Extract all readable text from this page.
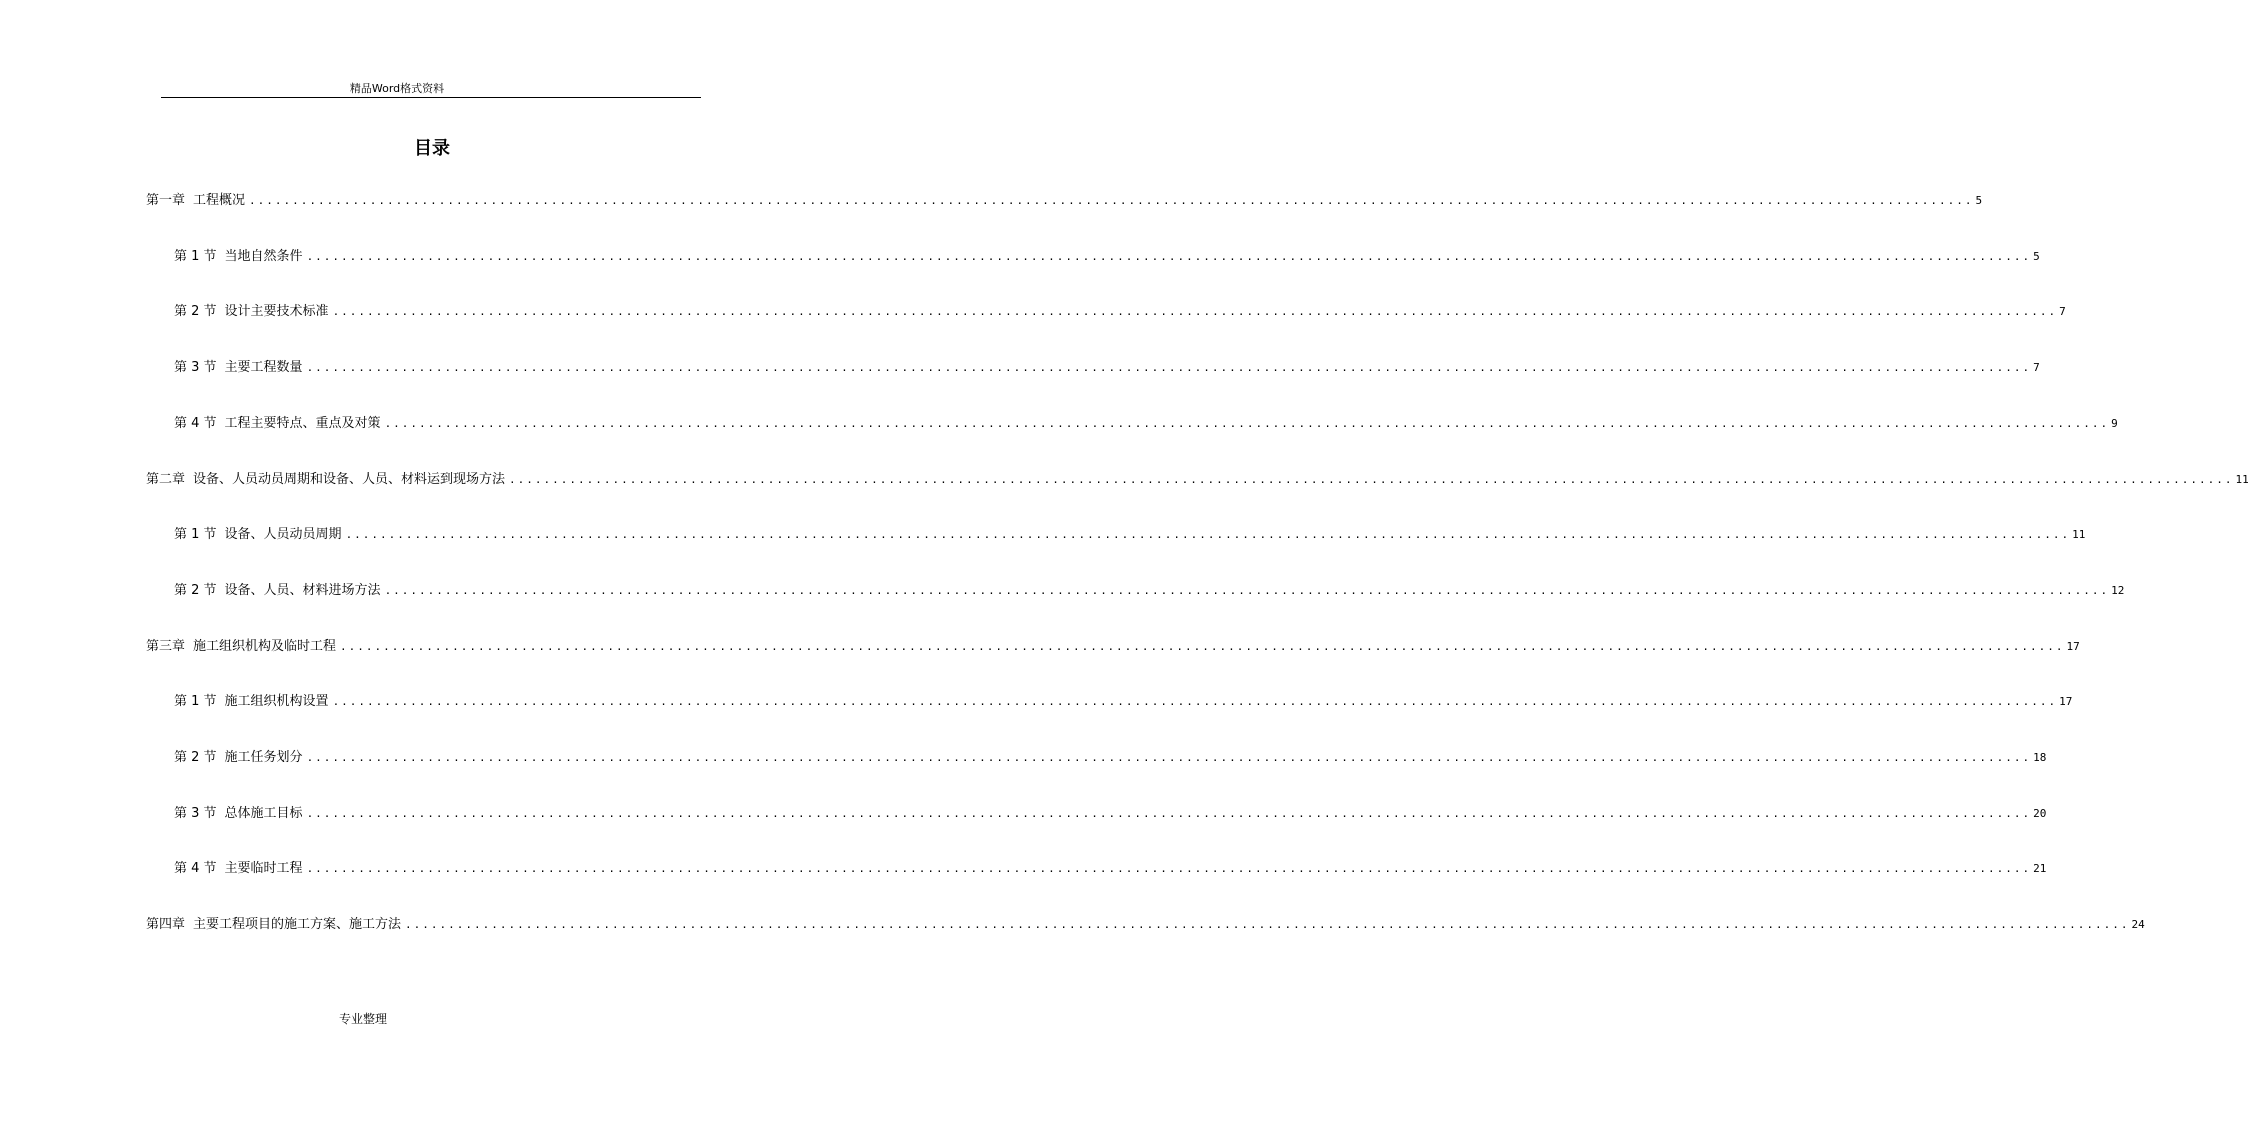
精品Word格式资料
目录
第一章 工程概况 ........................................................................................................................................................................................................ 5
第 1 节 当地自然条件 ........................................................................................................................................................................................................ 5
第 2 节 设计主要技术标准 ........................................................................................................................................................................................................ 7
第 3 节 主要工程数量 ........................................................................................................................................................................................................ 7
第 4 节 工程主要特点、重点及对策 ........................................................................................................................................................................................................ 9
第二章 设备、人员动员周期和设备、人员、材料运到现场方法 ........................................................................................................................................................................................................ 11
第 1 节 设备、人员动员周期 ........................................................................................................................................................................................................ 11
第 2 节 设备、人员、材料进场方法 ........................................................................................................................................................................................................ 12
第三章 施工组织机构及临时工程 ........................................................................................................................................................................................................ 17
第 1 节 施工组织机构设置 ........................................................................................................................................................................................................ 17
第 2 节 施工任务划分 ........................................................................................................................................................................................................ 18
第 3 节 总体施工目标 ........................................................................................................................................................................................................ 20
第 4 节 主要临时工程 ........................................................................................................................................................................................................ 21
第四章 主要工程项目的施工方案、施工方法 ........................................................................................................................................................................................................ 24
专业整理
